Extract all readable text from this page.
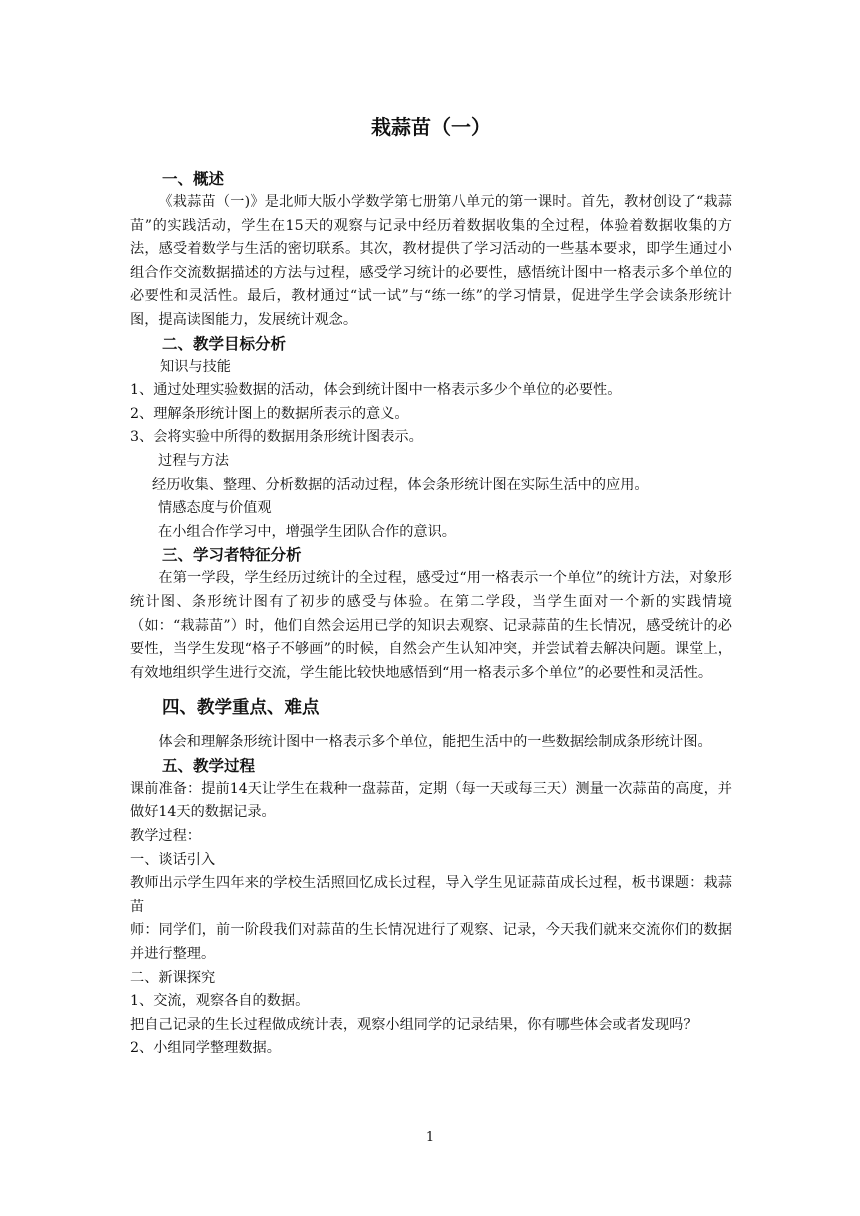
栽蒜苗（一）
一、概述

《栽蒜苗（一)》是北师大版小学数学第七册第八单元的第一课时。首先，教材创设了“栽蒜苗”的实践活动，学生在15天的观察与记录中经历着数据收集的全过程，体验着数据收集的方法，感受着数学与生活的密切联系。其次，教材提供了学习活动的一些基本要求，即学生通过小组合作交流数据描述的方法与过程，感受学习统计的必要性，感悟统计图中一格表示多个单位的必要性和灵活性。最后，教材通过“试一试”与“练一练”的学习情景，促进学生学会读条形统计图，提高读图能力，发展统计观念。

二、教学目标分析

知识与技能

1、通过处理实验数据的活动，体会到统计图中一格表示多少个单位的必要性。

2、理解条形统计图上的数据所表示的意义。

3、会将实验中所得的数据用条形统计图表示。

过程与方法

经历收集、整理、分析数据的活动过程，体会条形统计图在实际生活中的应用。

情感态度与价值观

在小组合作学习中，增强学生团队合作的意识。

三、学习者特征分析

在第一学段，学生经历过统计的全过程，感受过“用一格表示一个单位”的统计方法，对象形统计图、条形统计图有了初步的感受与体验。在第二学段，当学生面对一个新的实践情境（如：“栽蒜苗”）时，他们自然会运用已学的知识去观察、记录蒜苗的生长情况，感受统计的必要性，当学生发现“格子不够画”的时候，自然会产生认知冲突，并尝试着去解决问题。课堂上，有效地组织学生进行交流，学生能比较快地感悟到“用一格表示多个单位”的必要性和灵活性。

四、教学重点、难点

体会和理解条形统计图中一格表示多个单位，能把生活中的一些数据绘制成条形统计图。

五、教学过程

课前准备：提前14天让学生在栽种一盘蒜苗，定期（每一天或每三天）测量一次蒜苗的高度，并做好14天的数据记录。

教学过程：

一、谈话引入

教师出示学生四年来的学校生活照回忆成长过程，导入学生见证蒜苗成长过程，板书课题：栽蒜苗

师：同学们，前一阶段我们对蒜苗的生长情况进行了观察、记录，今天我们就来交流你们的数据并进行整理。

二、新课探究

1、交流，观察各自的数据。

把自己记录的生长过程做成统计表，观察小组同学的记录结果，你有哪些体会或者发现吗？

2、小组同学整理数据。

1
